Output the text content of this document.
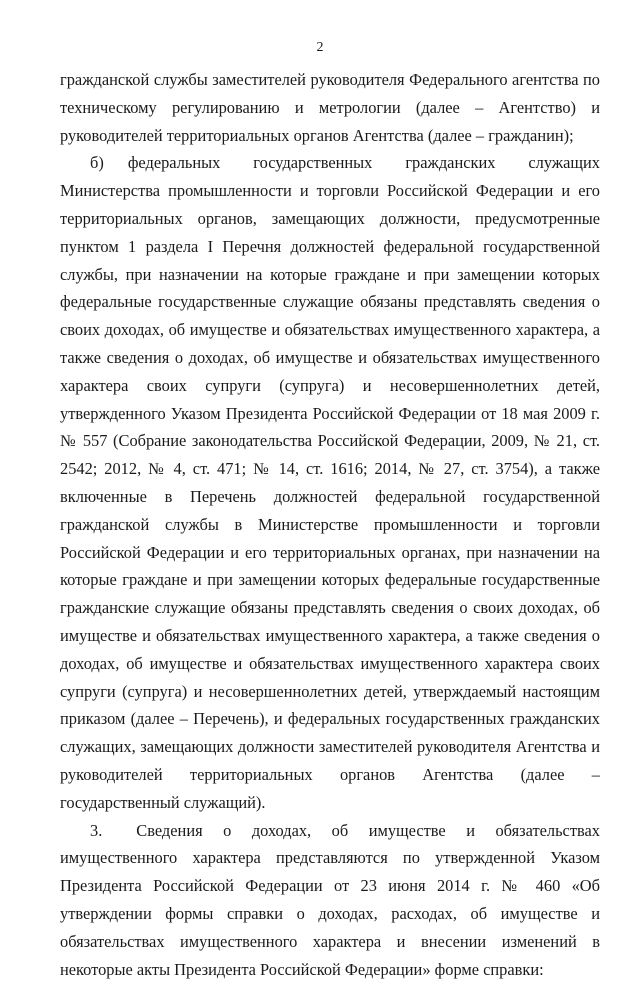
2

гражданской службы заместителей руководителя Федерального агентства по техническому регулированию и метрологии (далее – Агентство) и руководителей территориальных органов Агентства (далее – гражданин);

б) федеральных государственных гражданских служащих Министерства промышленности и торговли Российской Федерации и его территориальных органов, замещающих должности, предусмотренные пунктом 1 раздела I Перечня должностей федеральной государственной службы, при назначении на которые граждане и при замещении которых федеральные государственные служащие обязаны представлять сведения о своих доходах, об имуществе и обязательствах имущественного характера, а также сведения о доходах, об имуществе и обязательствах имущественного характера своих супруги (супруга) и несовершеннолетних детей, утвержденного Указом Президента Российской Федерации от 18 мая 2009 г. № 557 (Собрание законодательства Российской Федерации, 2009, № 21, ст. 2542; 2012, № 4, ст. 471; № 14, ст. 1616; 2014, № 27, ст. 3754), а также включенные в Перечень должностей федеральной государственной гражданской службы в Министерстве промышленности и торговли Российской Федерации и его территориальных органах, при назначении на которые граждане и при замещении которых федеральные государственные гражданские служащие обязаны представлять сведения о своих доходах, об имуществе и обязательствах имущественного характера, а также сведения о доходах, об имуществе и обязательствах имущественного характера своих супруги (супруга) и несовершеннолетних детей, утверждаемый настоящим приказом (далее – Перечень), и федеральных государственных гражданских служащих, замещающих должности заместителей руководителя Агентства и руководителей территориальных органов Агентства (далее – государственный служащий).

3. Сведения о доходах, об имуществе и обязательствах имущественного характера представляются по утвержденной Указом Президента Российской Федерации от 23 июня 2014 г. № 460 «Об утверждении формы справки о доходах, расходах, об имуществе и обязательствах имущественного характера и внесении изменений в некоторые акты Президента Российской Федерации» форме справки:
